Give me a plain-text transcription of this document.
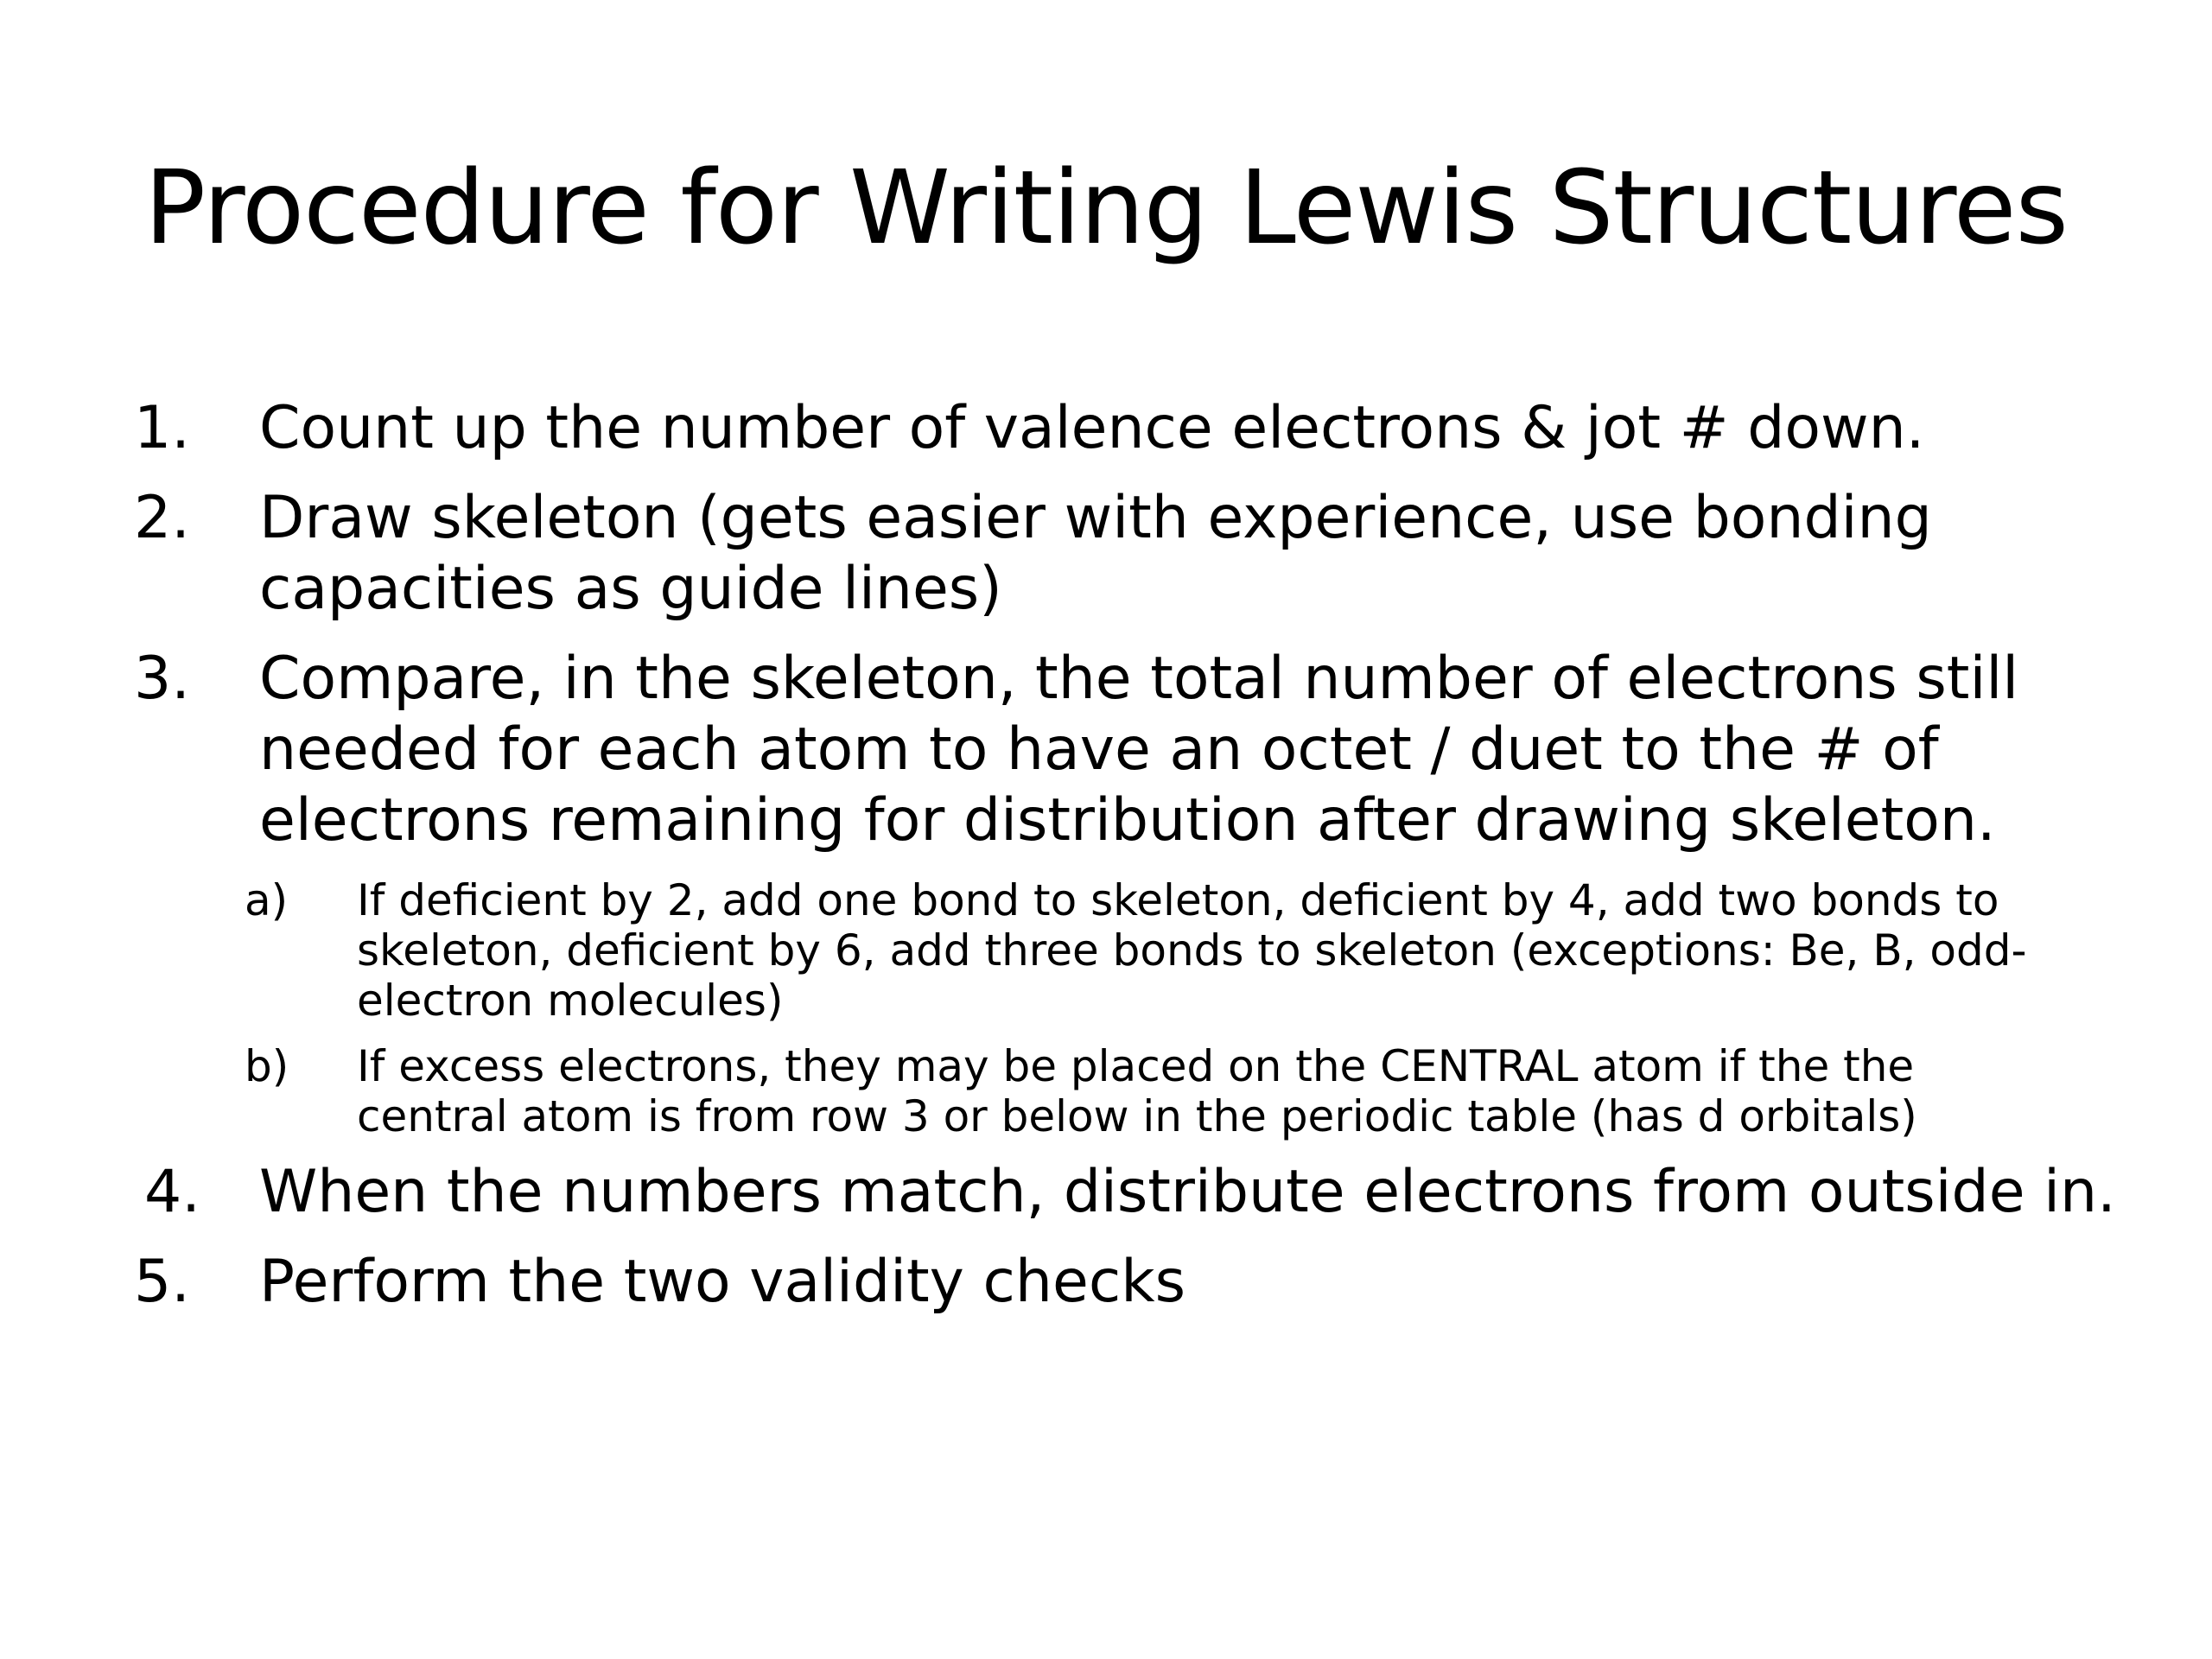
Procedure for Writing Lewis Structures
1. Count up the number of valence electrons & jot # down.
2. Draw skeleton (gets easier with experience, use bonding capacities as guide lines)
3. Compare, in the skeleton, the total number of electrons still needed for each atom to have an octet / duet to the # of electrons remaining for distribution after drawing skeleton.
a) If deficient by 2, add one bond to skeleton, deficient by 4, add two bonds to skeleton, deficient by 6, add three bonds to skeleton (exceptions: Be, B, odd-electron molecules)
b) If excess electrons, they may be placed on the CENTRAL atom if the the central atom is from row 3 or below in the periodic table (has d orbitals)
4. When the numbers match, distribute electrons from outside in.
5. Perform the two validity checks
